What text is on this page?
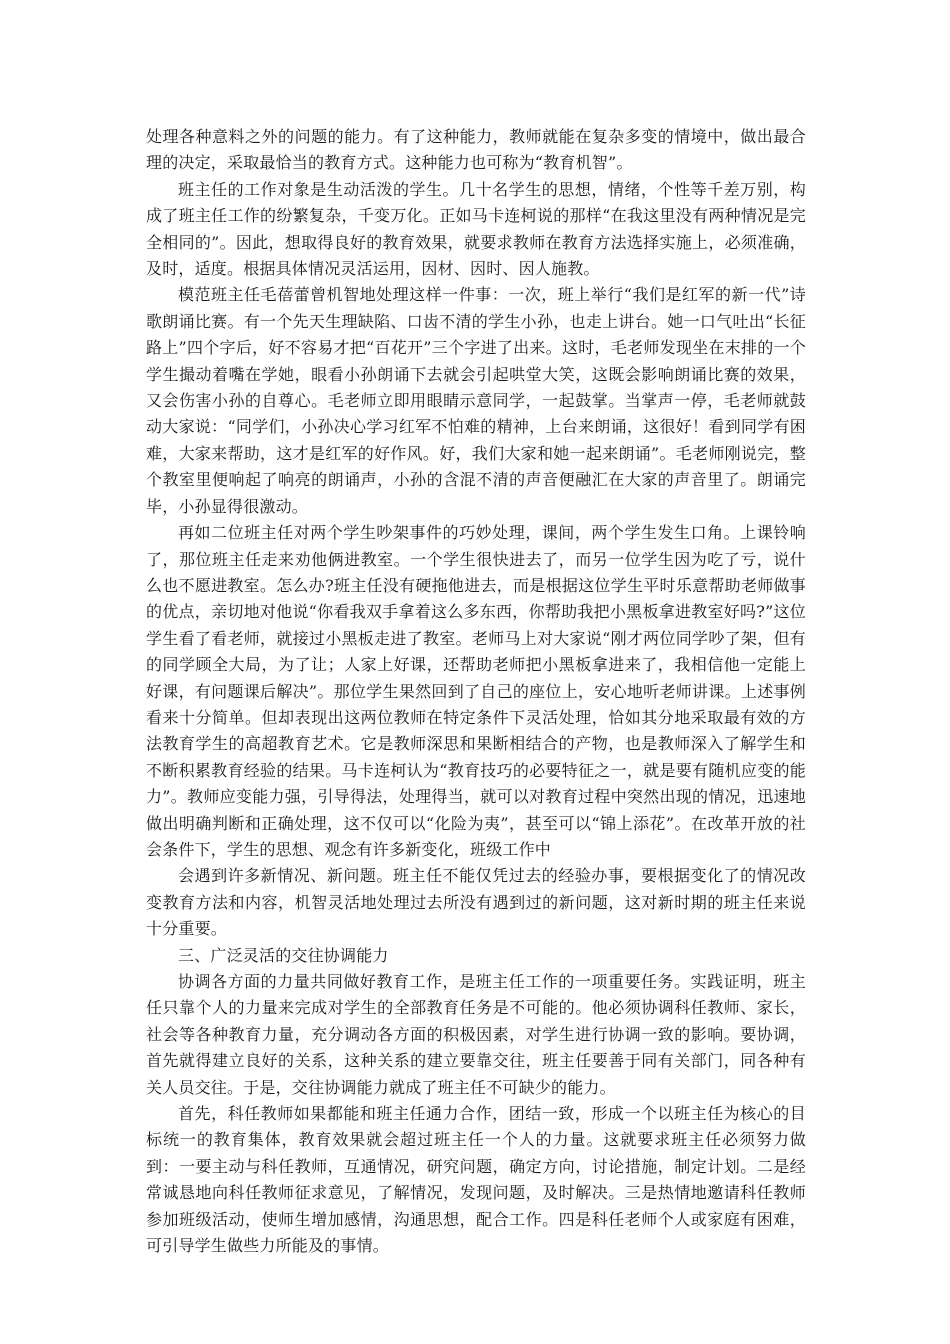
处理各种意料之外的问题的能力。有了这种能力，教师就能在复杂多变的情境中，做出最合理的决定，采取最恰当的教育方式。这种能力也可称为“教育机智”。

班主任的工作对象是生动活泼的学生。几十名学生的思想，情绪，个性等千差万别，构成了班主任工作的纷繁复杂，千变万化。正如马卡连柯说的那样“在我这里没有两种情况是完全相同的”。因此，想取得良好的教育效果，就要求教师在教育方法选择实施上，必须准确，及时，适度。根据具体情况灵活运用，因材、因时、因人施教。

模范班主任毛蓓蕾曾机智地处理这样一件事：一次，班上举行“我们是红军的新一代”诗歌朗诵比赛。有一个先天生理缺陷、口齿不清的学生小孙，也走上讲台。她一口气吐出“长征路上”四个字后，好不容易才把“百花开”三个字进了出来。这时，毛老师发现坐在末排的一个学生撮动着嘴在学她，眼看小孙朗诵下去就会引起哄堂大笑，这既会影响朗诵比赛的效果，又会伤害小孙的自尊心。毛老师立即用眼睛示意同学，一起鼓掌。当掌声一停，毛老师就鼓动大家说：“同学们，小孙决心学习红军不怕难的精神，上台来朗诵，这很好！看到同学有困难，大家来帮助，这才是红军的好作风。好，我们大家和她一起来朗诵”。毛老师刚说完，整个教室里便响起了响亮的朗诵声，小孙的含混不清的声音便融汇在大家的声音里了。朗诵完毕，小孙显得很激动。

再如二位班主任对两个学生吵架事件的巧妙处理，课间，两个学生发生口角。上课铃响了，那位班主任走来劝他俩进教室。一个学生很快进去了，而另一位学生因为吃了亏，说什么也不愿进教室。怎么办?班主任没有硬拖他进去，而是根据这位学生平时乐意帮助老师做事的优点，亲切地对他说“你看我双手拿着这么多东西，你帮助我把小黑板拿进教室好吗?”这位学生看了看老师，就接过小黑板走进了教室。老师马上对大家说“刚才两位同学吵了架，但有的同学顾全大局，为了让；人家上好课，还帮助老师把小黑板拿进来了，我相信他一定能上好课，有问题课后解决”。那位学生果然回到了自己的座位上，安心地听老师讲课。上述事例看来十分简单。但却表现出这两位教师在特定条件下灵活处理，恰如其分地采取最有效的方法教育学生的高超教育艺术。它是教师深思和果断相结合的产物，也是教师深入了解学生和不断积累教育经验的结果。马卡连柯认为“教育技巧的必要特征之一，就是要有随机应变的能力”。教师应变能力强，引导得法，处理得当，就可以对教育过程中突然出现的情况，迅速地做出明确判断和正确处理，这不仅可以“化险为夷”，甚至可以“锦上添花”。在改革开放的社会条件下，学生的思想、观念有许多新变化，班级工作中

会遇到许多新情况、新问题。班主任不能仅凭过去的经验办事，要根据变化了的情况改变教育方法和内容，机智灵活地处理过去所没有遇到过的新问题，这对新时期的班主任来说十分重要。

三、广泛灵活的交往协调能力

协调各方面的力量共同做好教育工作，是班主任工作的一项重要任务。实践证明，班主任只靠个人的力量来完成对学生的全部教育任务是不可能的。他必须协调科任教师、家长，社会等各种教育力量，充分调动各方面的积极因素，对学生进行协调一致的影响。要协调，首先就得建立良好的关系，这种关系的建立要靠交往，班主任要善于同有关部门，同各种有关人员交往。于是，交往协调能力就成了班主任不可缺少的能力。

首先，科任教师如果都能和班主任通力合作，团结一致，形成一个以班主任为核心的目标统一的教育集体，教育效果就会超过班主任一个人的力量。这就要求班主任必须努力做到：一要主动与科任教师，互通情况，研究问题，确定方向，讨论措施，制定计划。二是经常诚恳地向科任教师征求意见，了解情况，发现问题，及时解决。三是热情地邀请科任教师参加班级活动，使师生增加感情，沟通思想，配合工作。四是科任老师个人或家庭有困难，可引导学生做些力所能及的事情。
